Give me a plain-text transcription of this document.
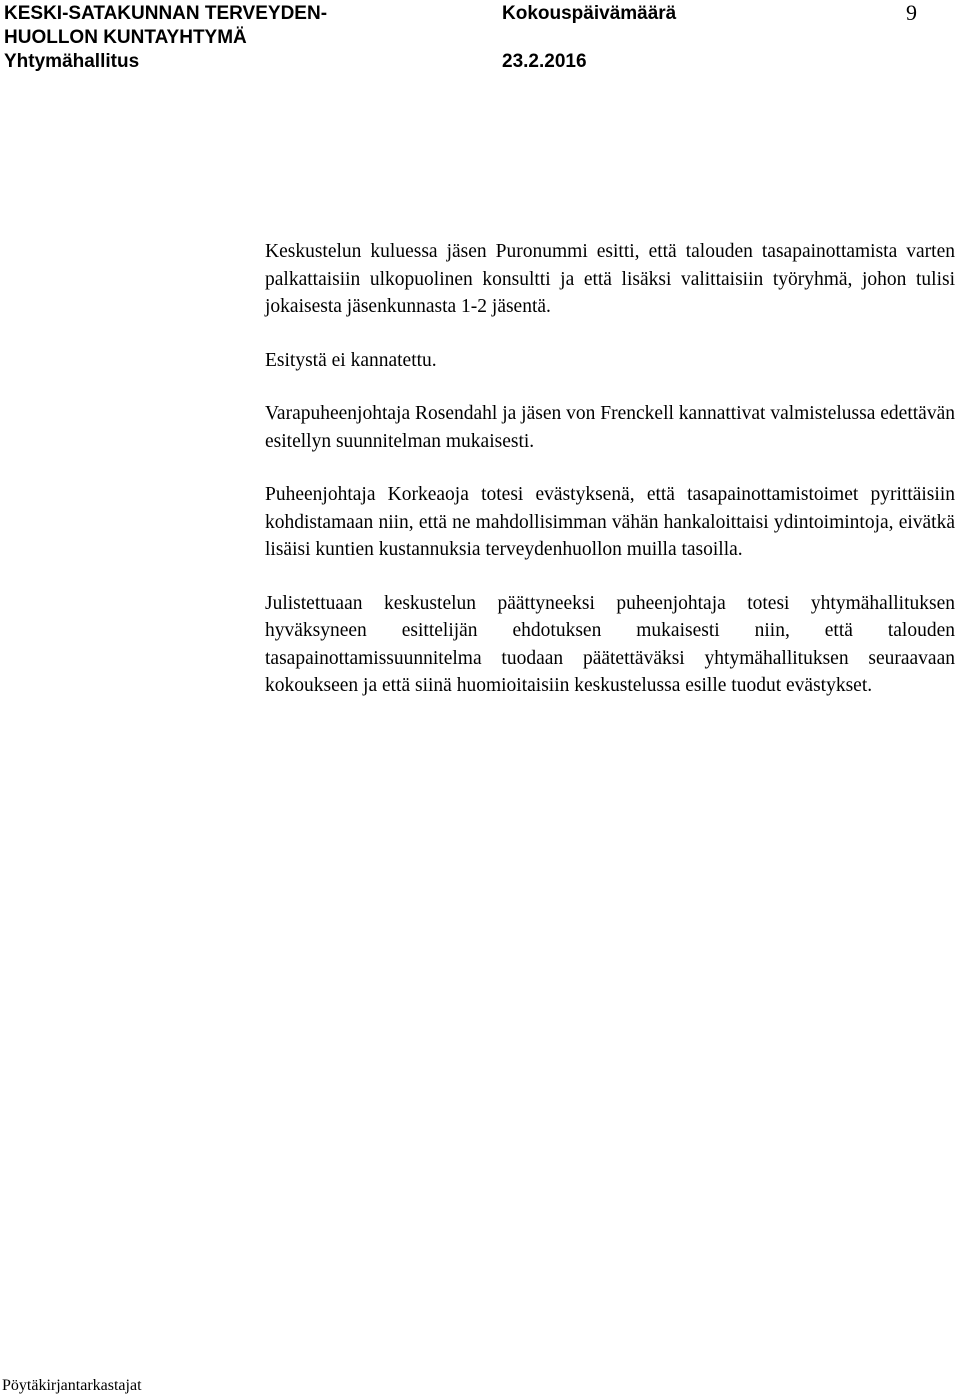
KESKI-SATAKUNNAN TERVEYDEN-
HUOLLON KUNTAYHTYMÄ
Yhtymähallitus
Kokouspäivämäärä
23.2.2016
9

Keskustelun kuluessa jäsen Puronummi esitti, että talouden tasapainottamista varten palkattaisiin ulkopuolinen konsultti ja että lisäksi valittaisiin työryhmä, johon tulisi jokaisesta jäsenkunnasta 1-2 jäsentä.

Esitystä ei kannatettu.

Varapuheenjohtaja Rosendahl ja jäsen von Frenckell kannattivat valmistelussa edettävän esitellyn suunnitelman mukaisesti.

Puheenjohtaja Korkeaoja totesi evästyksenä, että tasapainottamistoimet pyrittäisiin kohdistamaan niin, että ne mahdollisimman vähän hankaloittaisi ydintoimintoja, eivätkä lisäisi kuntien kustannuksia terveydenhuollon muilla tasoilla.

Julistettuaan keskustelun päättyneeksi puheenjohtaja totesi yhtymähallituksen hyväksyneen esittelijän ehdotuksen mukaisesti niin, että talouden tasapainottamissuunnitelma tuodaan päätettäväksi yhtymähallituksen seuraavaan kokoukseen ja että siinä huomioitaisiin keskustelussa esille tuodut evästykset.

Pöytäkirjantarkastajat
